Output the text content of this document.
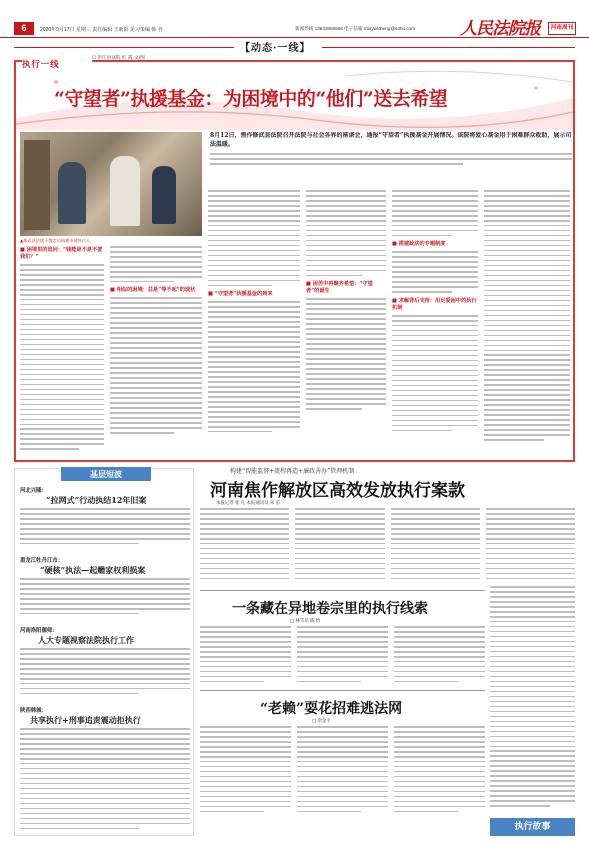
6	2020年9月17日 星期三 责任编辑 王新阳 见习策编 韩 谷	新闻热线 13633856566 电子信箱 rmxywlcheng@sohu.com	人民法院报	河南周刊
【动态·一线】
执行一线
☐ 庐江县法院 红 霞 文/图
“守望者”执援基金：为困境中的“他们”送去希望

8月12日，焦作修武县法院召开法院与社会各界的座谈会，通报“守望者”执援基金开展情况。该院将爱心基金用于困难群众救助，展示司法温暖。

▲修武县法院干警走访困难申请执行人
■ 困境里的追问：“钱能是不是不要我们？”
■ 相似的困境：总是“等不起”的现状
■ “守望者”执援基金的到来
■ 困苦中再聚齐希望：“守望者”的诞生
■ 搭建政法的专题制度
■ 求解背后支持：用足爱困中的执行机制
基层短波
河北兴隆：
“拉网式”行动执结12年旧案
黑龙江牡丹江市：
“硬核”执法—起赡家权利损案
河南洛阳偃师：
人大专题视察法院执行工作
陕西韩城：
共享执行+刑事追责震动拒执行
构建“智能监督+流程再造+廉政善办”管理机制
河南焦作解放区高效发放执行案款
本报记者 张 凡 本报通讯员 朱 苗
一条藏在异地卷宗里的执行线索
□ 林雪培 陈 怡
“老赖”耍花招难逃法网
□ 余金平
执行故事
